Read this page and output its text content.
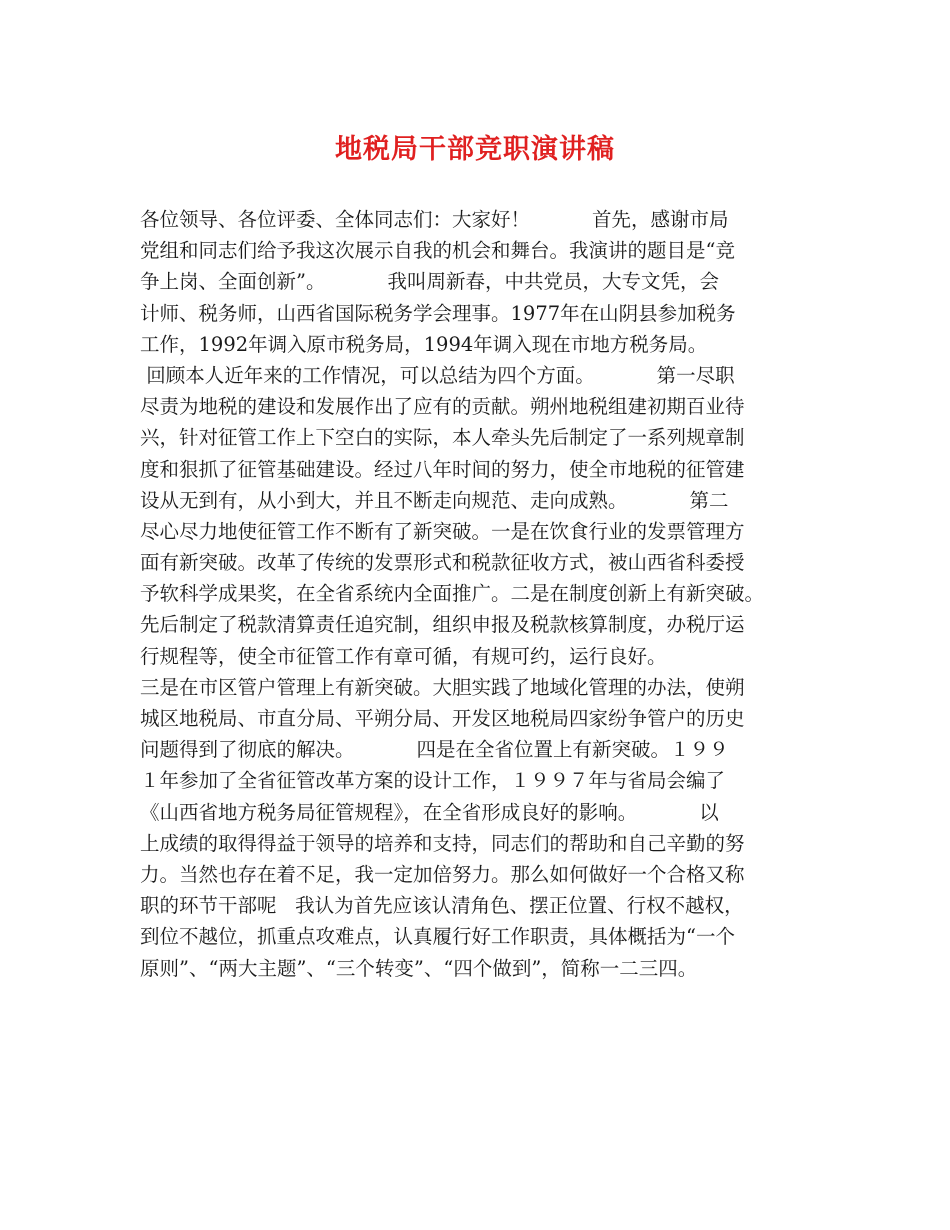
地税局干部竞职演讲稿
各位领导、各位评委、全体同志们：大家好！          首先，感谢市局
党组和同志们给予我这次展示自我的机会和舞台。我演讲的题目是“竞
争上岗、全面创新”。          我叫周新春，中共党员，大专文凭，会
计师、税务师，山西省国际税务学会理事。1977年在山阴县参加税务
工作，1992年调入原市税务局，1994年调入现在市地方税务局。
回顾本人近年来的工作情况，可以总结为四个方面。          第一尽职
尽责为地税的建设和发展作出了应有的贡献。朔州地税组建初期百业待
兴，针对征管工作上下空白的实际，本人牵头先后制定了一系列规章制
度和狠抓了征管基础建设。经过八年时间的努力，使全市地税的征管建
设从无到有，从小到大，并且不断走向规范、走向成熟。          第二
尽心尽力地使征管工作不断有了新突破。一是在饮食行业的发票管理方
面有新突破。改革了传统的发票形式和税款征收方式，被山西省科委授
予软科学成果奖，在全省系统内全面推广。二是在制度创新上有新突破。
先后制定了税款清算责任追究制，组织申报及税款核算制度，办税厅运
行规程等，使全市征管工作有章可循，有规可约，运行良好。
三是在市区管户管理上有新突破。大胆实践了地域化管理的办法，使朔
城区地税局、市直分局、平朔分局、开发区地税局四家纷争管户的历史
问题得到了彻底的解决。          四是在全省位置上有新突破。１９９
１年参加了全省征管改革方案的设计工作，１９９７年与省局会编了
《山西省地方税务局征管规程》，在全省形成良好的影响。          以
上成绩的取得得益于领导的培养和支持，同志们的帮助和自己辛勤的努
力。当然也存在着不足，我一定加倍努力。那么如何做好一个合格又称
职的环节干部呢   我认为首先应该认清角色、摆正位置、行权不越权，
到位不越位，抓重点攻难点，认真履行好工作职责，具体概括为“一个
原则”、“两大主题”、“三个转变”、“四个做到”，简称一二三四。
